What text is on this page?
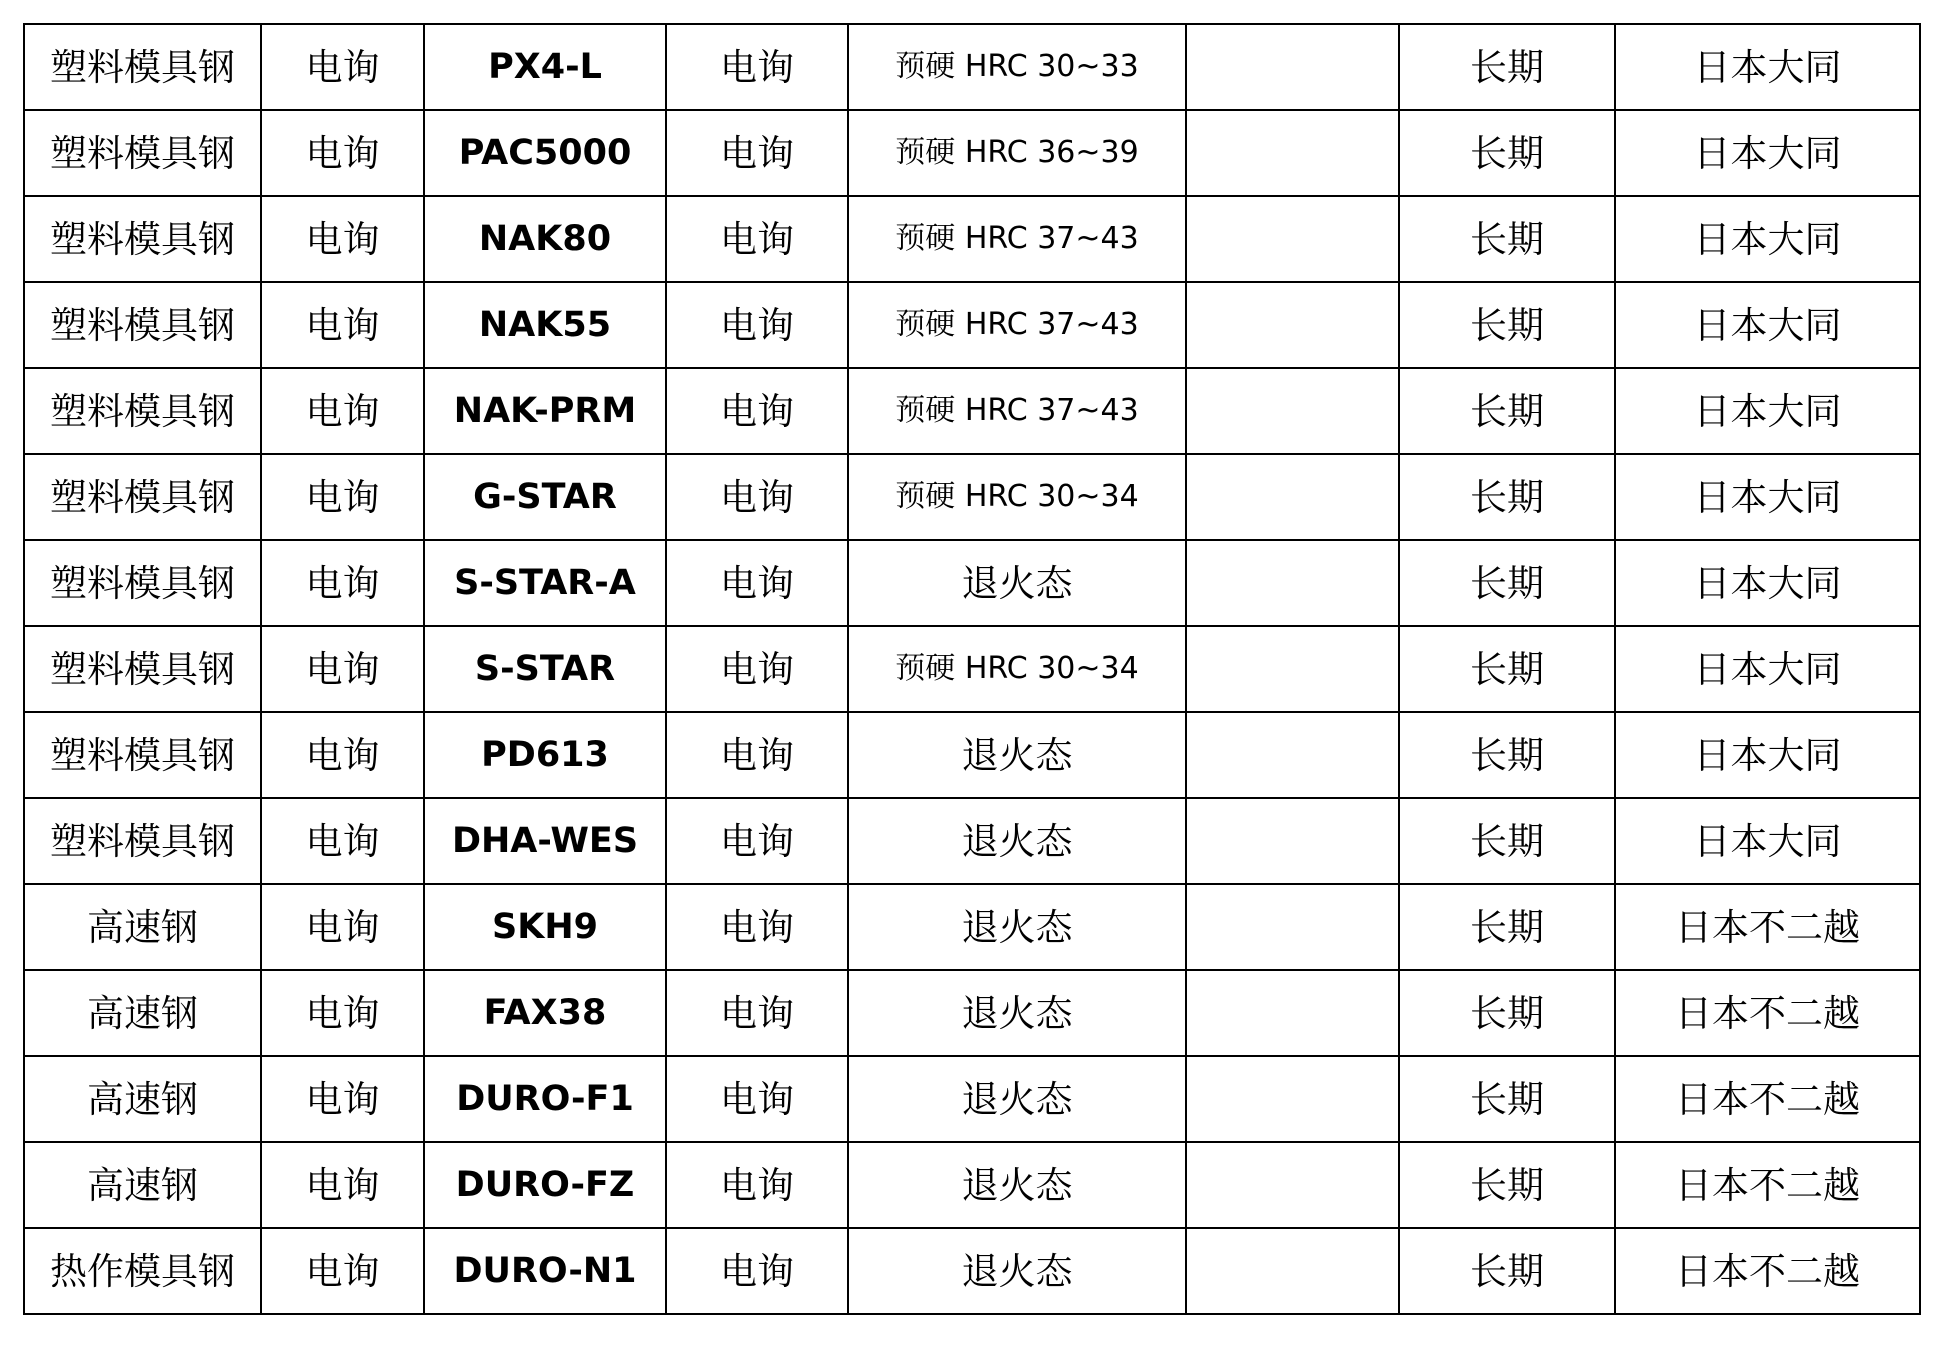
塑料模具钢	电询	PX4-L	电询	预硬 HRC 30~33		长期	日本大同
塑料模具钢	电询	PAC5000	电询	预硬 HRC 36~39		长期	日本大同
塑料模具钢	电询	NAK80	电询	预硬 HRC 37~43		长期	日本大同
塑料模具钢	电询	NAK55	电询	预硬 HRC 37~43		长期	日本大同
塑料模具钢	电询	NAK-PRM	电询	预硬 HRC 37~43		长期	日本大同
塑料模具钢	电询	G-STAR	电询	预硬 HRC 30~34		长期	日本大同
塑料模具钢	电询	S-STAR-A	电询	退火态		长期	日本大同
塑料模具钢	电询	S-STAR	电询	预硬 HRC 30~34		长期	日本大同
塑料模具钢	电询	PD613	电询	退火态		长期	日本大同
塑料模具钢	电询	DHA-WES	电询	退火态		长期	日本大同
高速钢	电询	SKH9	电询	退火态		长期	日本不二越
高速钢	电询	FAX38	电询	退火态		长期	日本不二越
高速钢	电询	DURO-F1	电询	退火态		长期	日本不二越
高速钢	电询	DURO-FZ	电询	退火态		长期	日本不二越
热作模具钢	电询	DURO-N1	电询	退火态		长期	日本不二越
